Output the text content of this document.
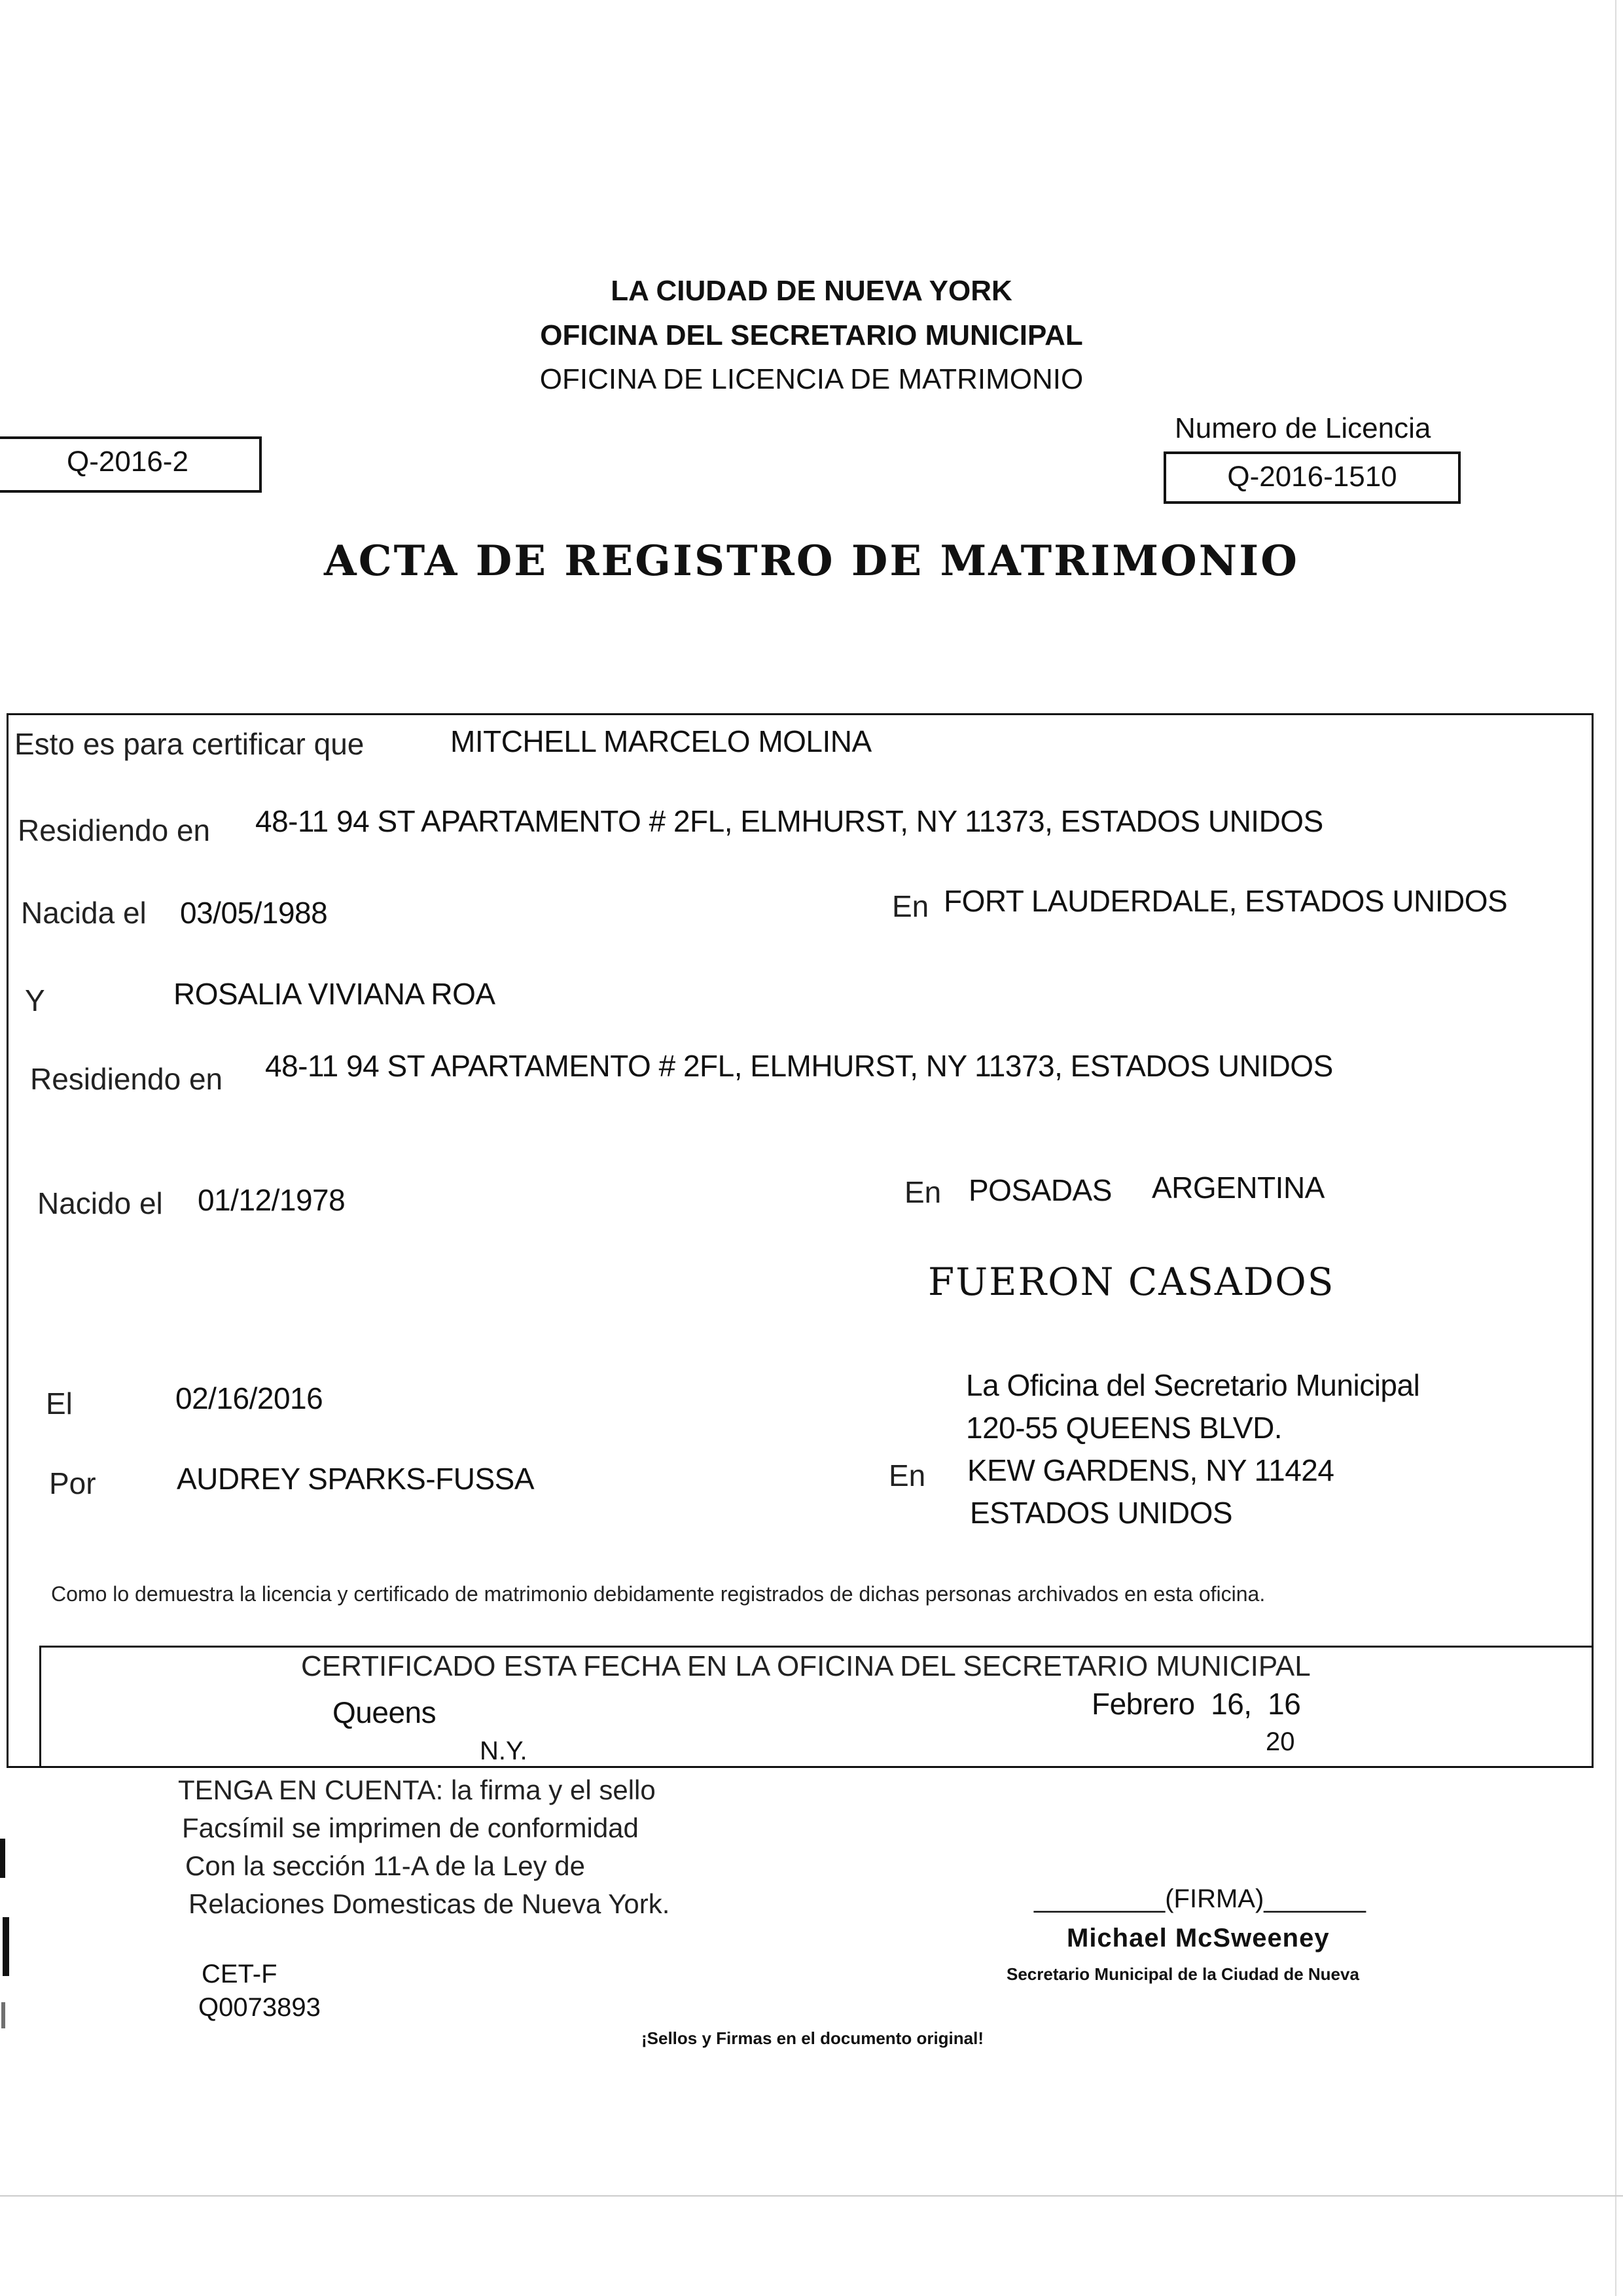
LA CIUDAD DE NUEVA YORK
OFICINA DEL SECRETARIO MUNICIPAL
OFICINA DE LICENCIA DE MATRIMONIO
Q-2016-2
Numero de Licencia
Q-2016-1510
ACTA DE REGISTRO DE MATRIMONIO
Esto es para certificar que	MITCHELL MARCELO MOLINA
Residiendo en 48-11 94 ST APARTAMENTO # 2FL, ELMHURST, NY 11373, ESTADOS UNIDOS
Nacida el 03/05/1988	En FORT LAUDERDALE, ESTADOS UNIDOS
Y	ROSALIA VIVIANA ROA
Residiendo en 48-11 94 ST APARTAMENTO # 2FL, ELMHURST, NY 11373, ESTADOS UNIDOS
Nacido el 01/12/1978	En POSADAS ARGENTINA
FUERON CASADOS
El	02/16/2016
Por	AUDREY SPARKS-FUSSA	En
La Oficina del Secretario Municipal
120-55 QUEENS BLVD.
KEW GARDENS, NY 11424
ESTADOS UNIDOS
Como lo demuestra la licencia y certificado de matrimonio debidamente registrados de dichas personas archivados en esta oficina.
CERTIFICADO ESTA FECHA EN LA OFICINA DEL SECRETARIO MUNICIPAL
Queens	Febrero  16,  16
N.Y.	20
TENGA EN CUENTA: la firma y el sello
Facsímil se imprimen de conformidad
Con la sección 11-A de la Ley de
Relaciones Domesticas de Nueva York.
CET-F
Q0073893
_________(FIRMA)_______
Michael McSweeney
Secretario Municipal de la Ciudad de Nueva
¡Sellos y Firmas en el documento original!
